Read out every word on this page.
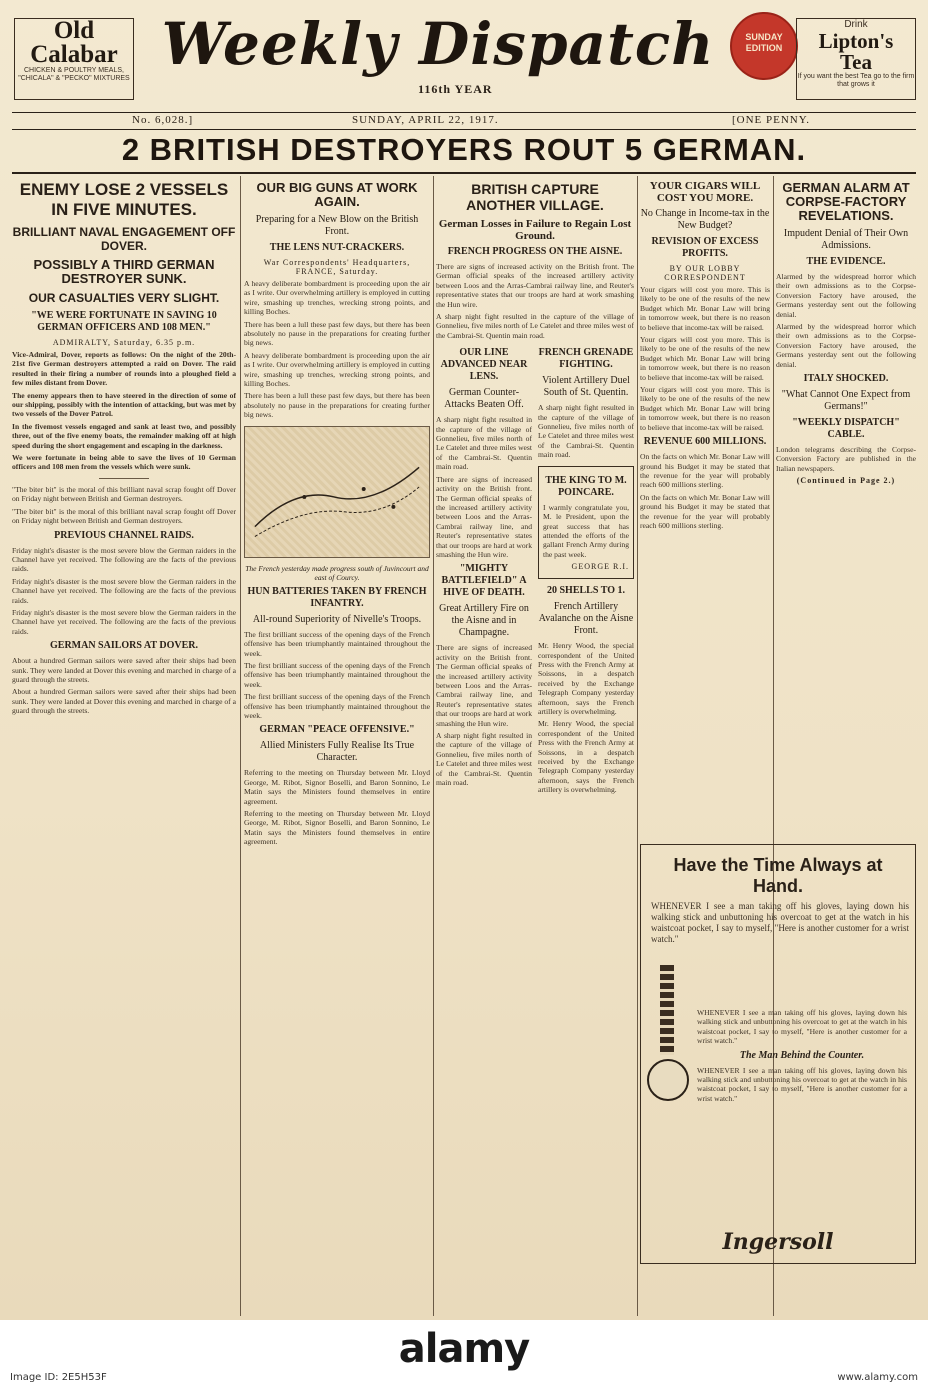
Old
Calabar
CHICKEN & POULTRY MEALS, "CHICALA" & "PECKO" MIXTURES
Weekly Dispatch
116th YEAR
SUNDAY EDITION
Drink
Lipton's
Tea
If you want the best Tea go to the firm that grows it
No. 6,028.]	SUNDAY, APRIL 22, 1917.	[ONE PENNY.
2 BRITISH DESTROYERS ROUT 5 GERMAN.
ENEMY LOSE 2 VESSELS IN FIVE MINUTES.
BRILLIANT NAVAL ENGAGEMENT OFF DOVER.
POSSIBLY A THIRD GERMAN DESTROYER SUNK.
OUR CASUALTIES VERY SLIGHT.
"WE WERE FORTUNATE IN SAVING 10 GERMAN OFFICERS AND 108 MEN."
ADMIRALTY, Saturday, 6.35 p.m.

Vice-Admiral, Dover, reports as follows: On the night of the 20th-21st five German destroyers attempted a raid on Dover. The raid resulted in their firing a number of rounds into a ploughed field a few miles distant from Dover.

The enemy appears then to have steered in the direction of some of our shipping, possibly with the intention of attacking, but was met by two vessels of the Dover Patrol.

In the fivemost vessels engaged and sank at least two, and possibly three, out of the five enemy boats, the remainder making off at high speed during the short engagement and escaping in the darkness.

We were fortunate in being able to save the lives of 10 German officers and 108 men from the vessels which were sunk.

"The biter bit" is the moral of this brilliant naval scrap fought off Dover on Friday night between British and German destroyers.

"The biter bit" is the moral of this brilliant naval scrap fought off Dover on Friday night between British and German destroyers.

PREVIOUS CHANNEL RAIDS.

Friday night's disaster is the most severe blow the German raiders in the Channel have yet received. The following are the facts of the previous raids.

Friday night's disaster is the most severe blow the German raiders in the Channel have yet received. The following are the facts of the previous raids.

Friday night's disaster is the most severe blow the German raiders in the Channel have yet received. The following are the facts of the previous raids.

GERMAN SAILORS AT DOVER.

About a hundred German sailors were saved after their ships had been sunk. They were landed at Dover this evening and marched in charge of a guard through the streets.

About a hundred German sailors were saved after their ships had been sunk. They were landed at Dover this evening and marched in charge of a guard through the streets.

OUR BIG GUNS AT WORK AGAIN.
Preparing for a New Blow on the British Front.
THE LENS NUT-CRACKERS.
War Correspondents' Headquarters, FRANCE, Saturday.

A heavy deliberate bombardment is proceeding upon the air as I write. Our overwhelming artillery is employed in cutting wire, smashing up trenches, wrecking strong points, and killing Boches.

There has been a lull these past few days, but there has been absolutely no pause in the preparations for creating further big news.

A heavy deliberate bombardment is proceeding upon the air as I write. Our overwhelming artillery is employed in cutting wire, smashing up trenches, wrecking strong points, and killing Boches.

There has been a lull these past few days, but there has been absolutely no pause in the preparations for creating further big news.

The French yesterday made progress south of Juvincourt and east of Courcy.
HUN BATTERIES TAKEN BY FRENCH INFANTRY.
All-round Superiority of Nivelle's Troops.

The first brilliant success of the opening days of the French offensive has been triumphantly maintained throughout the week.

The first brilliant success of the opening days of the French offensive has been triumphantly maintained throughout the week.

The first brilliant success of the opening days of the French offensive has been triumphantly maintained throughout the week.

GERMAN "PEACE OFFENSIVE."
Allied Ministers Fully Realise Its True Character.

Referring to the meeting on Thursday between Mr. Lloyd George, M. Ribot, Signor Boselli, and Baron Sonnino, Le Matin says the Ministers found themselves in entire agreement.

Referring to the meeting on Thursday between Mr. Lloyd George, M. Ribot, Signor Boselli, and Baron Sonnino, Le Matin says the Ministers found themselves in entire agreement.

BRITISH CAPTURE ANOTHER VILLAGE.
German Losses in Failure to Regain Lost Ground.
FRENCH PROGRESS ON THE AISNE.

There are signs of increased activity on the British front. The German official speaks of the increased artillery activity between Loos and the Arras-Cambrai railway line, and Reuter's representative states that our troops are hard at work smashing the Hun wire.

A sharp night fight resulted in the capture of the village of Gonnelieu, five miles north of Le Catelet and three miles west of the Cambrai-St. Quentin main road.

OUR LINE ADVANCED NEAR LENS.
German Counter-Attacks Beaten Off.

A sharp night fight resulted in the capture of the village of Gonnelieu, five miles north of Le Catelet and three miles west of the Cambrai-St. Quentin main road.

There are signs of increased activity on the British front. The German official speaks of the increased artillery activity between Loos and the Arras-Cambrai railway line, and Reuter's representative states that our troops are hard at work smashing the Hun wire.

"MIGHTY BATTLEFIELD" A HIVE OF DEATH.
Great Artillery Fire on the Aisne and in Champagne.

There are signs of increased activity on the British front. The German official speaks of the increased artillery activity between Loos and the Arras-Cambrai railway line, and Reuter's representative states that our troops are hard at work smashing the Hun wire.

A sharp night fight resulted in the capture of the village of Gonnelieu, five miles north of Le Catelet and three miles west of the Cambrai-St. Quentin main road.

FRENCH GRENADE FIGHTING.
Violent Artillery Duel South of St. Quentin.

A sharp night fight resulted in the capture of the village of Gonnelieu, five miles north of Le Catelet and three miles west of the Cambrai-St. Quentin main road.

THE KING TO M. POINCARE.

I warmly congratulate you, M. le President, upon the great success that has attended the efforts of the gallant French Army during the past week.

GEORGE R.I.
20 SHELLS TO 1.
French Artillery Avalanche on the Aisne Front.

Mr. Henry Wood, the special correspondent of the United Press with the French Army at Soissons, in a despatch received by the Exchange Telegraph Company yesterday afternoon, says the French artillery is overwhelming.

Mr. Henry Wood, the special correspondent of the United Press with the French Army at Soissons, in a despatch received by the Exchange Telegraph Company yesterday afternoon, says the French artillery is overwhelming.

YOUR CIGARS WILL COST YOU MORE.
No Change in Income-tax in the New Budget?
REVISION OF EXCESS PROFITS.
BY OUR LOBBY CORRESPONDENT

Your cigars will cost you more. This is likely to be one of the results of the new Budget which Mr. Bonar Law will bring in tomorrow week, but there is no reason to believe that income-tax will be raised.

Your cigars will cost you more. This is likely to be one of the results of the new Budget which Mr. Bonar Law will bring in tomorrow week, but there is no reason to believe that income-tax will be raised.

Your cigars will cost you more. This is likely to be one of the results of the new Budget which Mr. Bonar Law will bring in tomorrow week, but there is no reason to believe that income-tax will be raised.

REVENUE 600 MILLIONS.

On the facts on which Mr. Bonar Law will ground his Budget it may be stated that the revenue for the year will probably reach 600 millions sterling.

On the facts on which Mr. Bonar Law will ground his Budget it may be stated that the revenue for the year will probably reach 600 millions sterling.

GERMAN ALARM AT CORPSE-FACTORY REVELATIONS.
Impudent Denial of Their Own Admissions.
THE EVIDENCE.

Alarmed by the widespread horror which their own admissions as to the Corpse-Conversion Factory have aroused, the Germans yesterday sent out the following denial.

Alarmed by the widespread horror which their own admissions as to the Corpse-Conversion Factory have aroused, the Germans yesterday sent out the following denial.

ITALY SHOCKED.
"What Cannot One Expect from Germans!"
"WEEKLY DISPATCH" CABLE.

London telegrams describing the Corpse-Conversion Factory are published in the Italian newspapers.

(Continued in Page 2.)
Have the Time Always at Hand.

WHENEVER I see a man taking off his gloves, laying down his walking stick and unbuttoning his overcoat to get at the watch in his waistcoat pocket, I say to myself, "Here is another customer for a wrist watch."

WHENEVER I see a man taking off his gloves, laying down his walking stick and unbuttoning his overcoat to get at the watch in his waistcoat pocket, I say to myself, "Here is another customer for a wrist watch."

The Man Behind the Counter.

WHENEVER I see a man taking off his gloves, laying down his walking stick and unbuttoning his overcoat to get at the watch in his waistcoat pocket, I say to myself, "Here is another customer for a wrist watch."

Ingersoll
alamy
Image ID: 2E5H53F	www.alamy.com
